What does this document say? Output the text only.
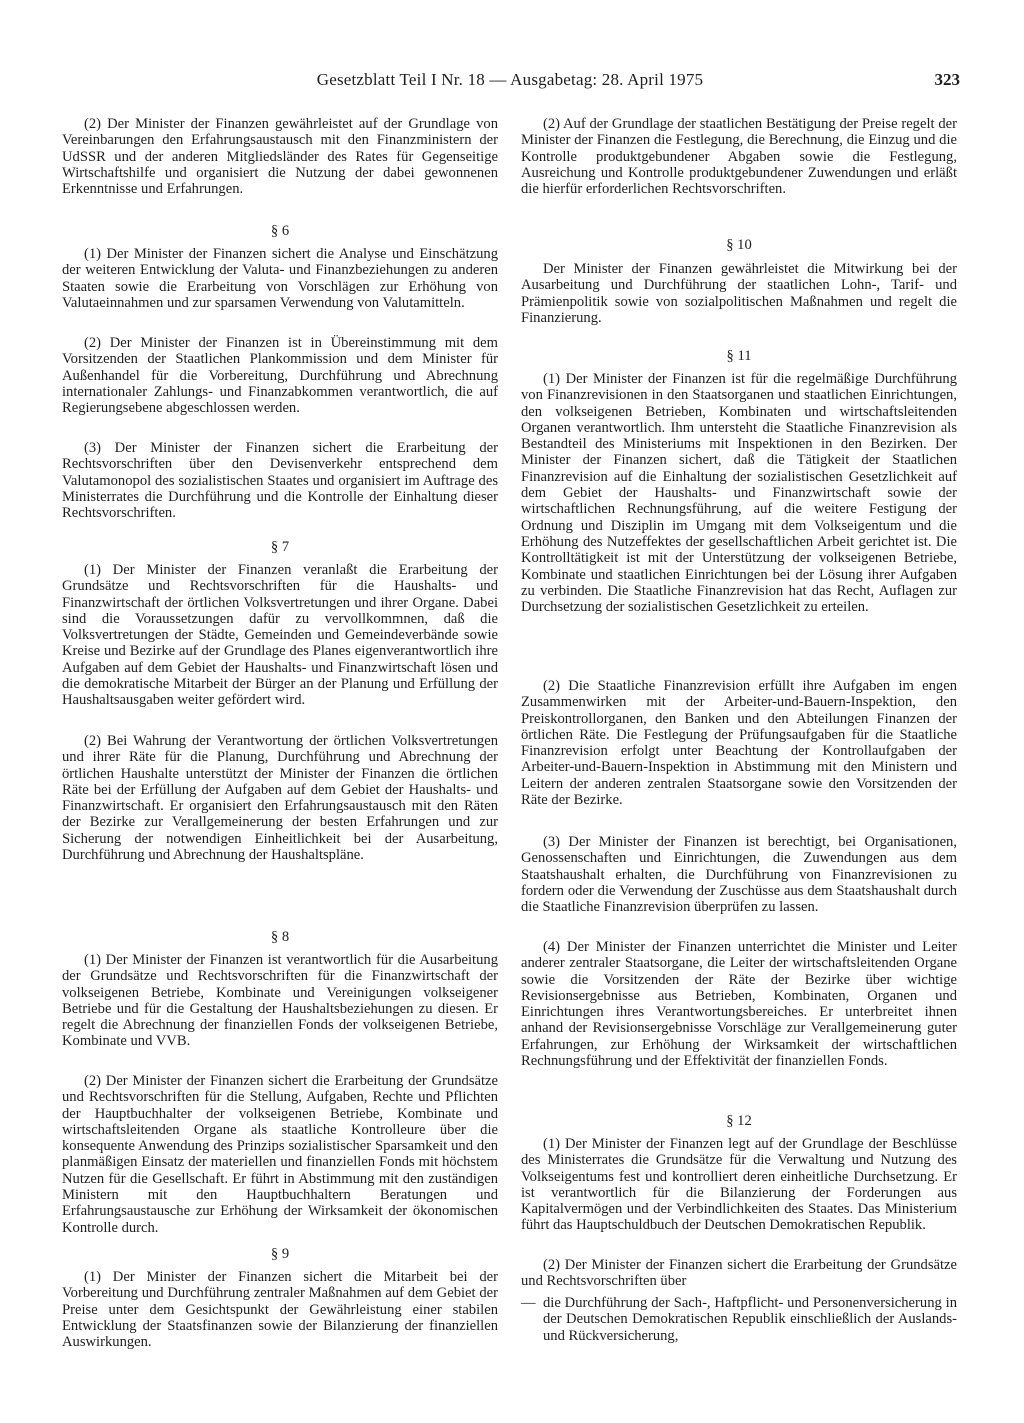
Gesetzblatt Teil I Nr. 18 — Ausgabetag: 28. April 1975	323

(2) Der Minister der Finanzen gewährleistet auf der Grundlage von Vereinbarungen den Erfahrungsaustausch mit den Finanzministern der UdSSR und der anderen Mitgliedsländer des Rates für Gegenseitige Wirtschaftshilfe und organisiert die Nutzung der dabei gewonnenen Erkenntnisse und Erfahrungen.

§ 6

(1) Der Minister der Finanzen sichert die Analyse und Einschätzung der weiteren Entwicklung der Valuta- und Finanzbeziehungen zu anderen Staaten sowie die Erarbeitung von Vorschlägen zur Erhöhung von Valutaeinnahmen und zur sparsamen Verwendung von Valutamitteln.

(2) Der Minister der Finanzen ist in Übereinstimmung mit dem Vorsitzenden der Staatlichen Plankommission und dem Minister für Außenhandel für die Vorbereitung, Durchführung und Abrechnung internationaler Zahlungs- und Finanzabkommen verantwortlich, die auf Regierungsebene abgeschlossen werden.

(3) Der Minister der Finanzen sichert die Erarbeitung der Rechtsvorschriften über den Devisenverkehr entsprechend dem Valutamonopol des sozialistischen Staates und organisiert im Auftrage des Ministerrates die Durchführung und die Kontrolle der Einhaltung dieser Rechtsvorschriften.

§ 7

(1) Der Minister der Finanzen veranlaßt die Erarbeitung der Grundsätze und Rechtsvorschriften für die Haushalts- und Finanzwirtschaft der örtlichen Volksvertretungen und ihrer Organe. Dabei sind die Voraussetzungen dafür zu vervollkommnen, daß die Volksvertretungen der Städte, Gemeinden und Gemeindeverbände sowie Kreise und Bezirke auf der Grundlage des Planes eigenverantwortlich ihre Aufgaben auf dem Gebiet der Haushalts- und Finanzwirtschaft lösen und die demokratische Mitarbeit der Bürger an der Planung und Erfüllung der Haushaltsausgaben weiter gefördert wird.

(2) Bei Wahrung der Verantwortung der örtlichen Volksvertretungen und ihrer Räte für die Planung, Durchführung und Abrechnung der örtlichen Haushalte unterstützt der Minister der Finanzen die örtlichen Räte bei der Erfüllung der Aufgaben auf dem Gebiet der Haushalts- und Finanzwirtschaft. Er organisiert den Erfahrungsaustausch mit den Räten der Bezirke zur Verallgemeinerung der besten Erfahrungen und zur Sicherung der notwendigen Einheitlichkeit bei der Ausarbeitung, Durchführung und Abrechnung der Haushaltspläne.

§ 8

(1) Der Minister der Finanzen ist verantwortlich für die Ausarbeitung der Grundsätze und Rechtsvorschriften für die Finanzwirtschaft der volkseigenen Betriebe, Kombinate und Vereinigungen volkseigener Betriebe und für die Gestaltung der Haushaltsbeziehungen zu diesen. Er regelt die Abrechnung der finanziellen Fonds der volkseigenen Betriebe, Kombinate und VVB.

(2) Der Minister der Finanzen sichert die Erarbeitung der Grundsätze und Rechtsvorschriften für die Stellung, Aufgaben, Rechte und Pflichten der Hauptbuchhalter der volkseigenen Betriebe, Kombinate und wirtschaftsleitenden Organe als staatliche Kontrolleure über die konsequente Anwendung des Prinzips sozialistischer Sparsamkeit und den planmäßigen Einsatz der materiellen und finanziellen Fonds mit höchstem Nutzen für die Gesellschaft. Er führt in Abstimmung mit den zuständigen Ministern mit den Hauptbuchhaltern Beratungen und Erfahrungsaustausche zur Erhöhung der Wirksamkeit der ökonomischen Kontrolle durch.

§ 9

(1) Der Minister der Finanzen sichert die Mitarbeit bei der Vorbereitung und Durchführung zentraler Maßnahmen auf dem Gebiet der Preise unter dem Gesichtspunkt der Gewährleistung einer stabilen Entwicklung der Staatsfinanzen sowie der Bilanzierung der finanziellen Auswirkungen.

(2) Auf der Grundlage der staatlichen Bestätigung der Preise regelt der Minister der Finanzen die Festlegung, die Berechnung, die Einzug und die Kontrolle produktgebundener Abgaben sowie die Festlegung, Ausreichung und Kontrolle produktgebundener Zuwendungen und erläßt die hierfür erforderlichen Rechtsvorschriften.

§ 10

Der Minister der Finanzen gewährleistet die Mitwirkung bei der Ausarbeitung und Durchführung der staatlichen Lohn-, Tarif- und Prämienpolitik sowie von sozialpolitischen Maßnahmen und regelt die Finanzierung.

§ 11

(1) Der Minister der Finanzen ist für die regelmäßige Durchführung von Finanzrevisionen in den Staatsorganen und staatlichen Einrichtungen, den volkseigenen Betrieben, Kombinaten und wirtschaftsleitenden Organen verantwortlich. Ihm untersteht die Staatliche Finanzrevision als Bestandteil des Ministeriums mit Inspektionen in den Bezirken. Der Minister der Finanzen sichert, daß die Tätigkeit der Staatlichen Finanzrevision auf die Einhaltung der sozialistischen Gesetzlichkeit auf dem Gebiet der Haushalts- und Finanzwirtschaft sowie der wirtschaftlichen Rechnungsführung, auf die weitere Festigung der Ordnung und Disziplin im Umgang mit dem Volkseigentum und die Erhöhung des Nutzeffektes der gesellschaftlichen Arbeit gerichtet ist. Die Kontrolltätigkeit ist mit der Unterstützung der volkseigenen Betriebe, Kombinate und staatlichen Einrichtungen bei der Lösung ihrer Aufgaben zu verbinden. Die Staatliche Finanzrevision hat das Recht, Auflagen zur Durchsetzung der sozialistischen Gesetzlichkeit zu erteilen.

(2) Die Staatliche Finanzrevision erfüllt ihre Aufgaben im engen Zusammenwirken mit der Arbeiter-und-Bauern-Inspektion, den Preiskontrollorganen, den Banken und den Abteilungen Finanzen der örtlichen Räte. Die Festlegung der Prüfungsaufgaben für die Staatliche Finanzrevision erfolgt unter Beachtung der Kontrollaufgaben der Arbeiter-und-Bauern-Inspektion in Abstimmung mit den Ministern und Leitern der anderen zentralen Staatsorgane sowie den Vorsitzenden der Räte der Bezirke.

(3) Der Minister der Finanzen ist berechtigt, bei Organisationen, Genossenschaften und Einrichtungen, die Zuwendungen aus dem Staatshaushalt erhalten, die Durchführung von Finanzrevisionen zu fordern oder die Verwendung der Zuschüsse aus dem Staatshaushalt durch die Staatliche Finanzrevision überprüfen zu lassen.

(4) Der Minister der Finanzen unterrichtet die Minister und Leiter anderer zentraler Staatsorgane, die Leiter der wirtschaftsleitenden Organe sowie die Vorsitzenden der Räte der Bezirke über wichtige Revisionsergebnisse aus Betrieben, Kombinaten, Organen und Einrichtungen ihres Verantwortungsbereiches. Er unterbreitet ihnen anhand der Revisionsergebnisse Vorschläge zur Verallgemeinerung guter Erfahrungen, zur Erhöhung der Wirksamkeit der wirtschaftlichen Rechnungsführung und der Effektivität der finanziellen Fonds.

§ 12

(1) Der Minister der Finanzen legt auf der Grundlage der Beschlüsse des Ministerrates die Grundsätze für die Verwaltung und Nutzung des Volkseigentums fest und kontrolliert deren einheitliche Durchsetzung. Er ist verantwortlich für die Bilanzierung der Forderungen aus Kapitalvermögen und der Verbindlichkeiten des Staates. Das Ministerium führt das Hauptschuldbuch der Deutschen Demokratischen Republik.

(2) Der Minister der Finanzen sichert die Erarbeitung der Grundsätze und Rechtsvorschriften über

— die Durchführung der Sach-, Haftpflicht- und Personenversicherung in der Deutschen Demokratischen Republik einschließlich der Auslands- und Rückversicherung,
